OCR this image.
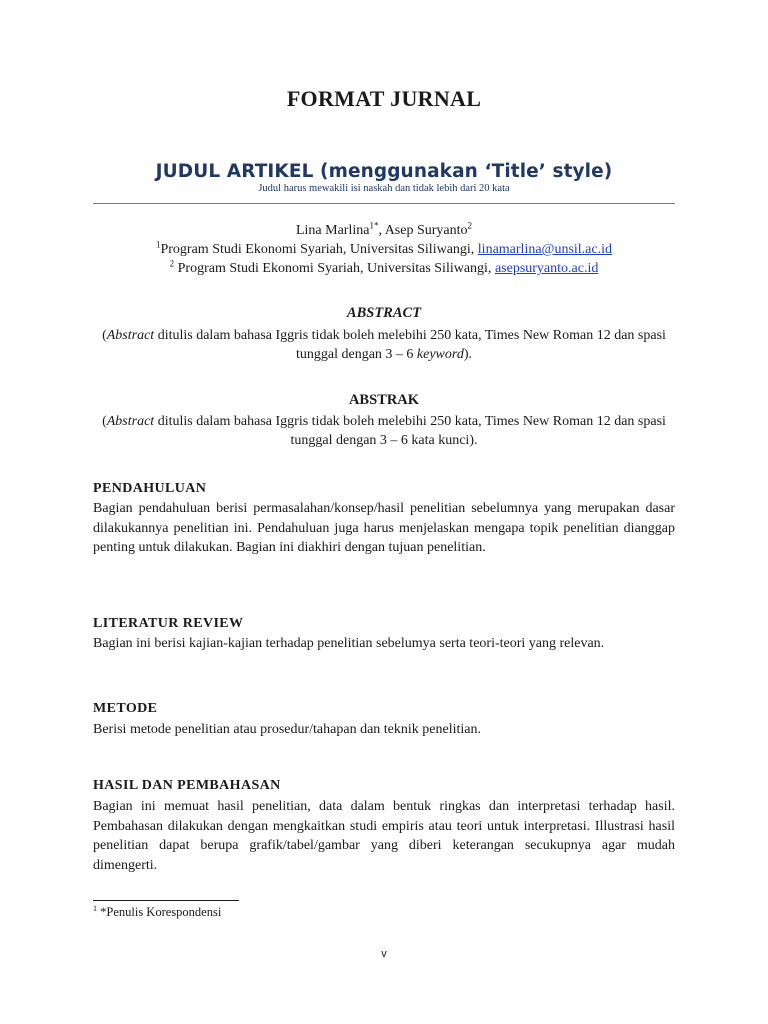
FORMAT JURNAL
JUDUL ARTIKEL (menggunakan ‘Title’ style)
Judul harus mewakili isi naskah dan tidak lebih dari 20 kata
Lina Marlina$^{1*}$, Asep Suryanto$^2$
$^1$Program Studi Ekonomi Syariah, Universitas Siliwangi, linamarlina@unsil.ac.id
$^2$ Program Studi Ekonomi Syariah, Universitas Siliwangi, asepsuryanto.ac.id
ABSTRACT
(Abstract ditulis dalam bahasa Iggris tidak boleh melebihi 250 kata, Times New Roman 12 dan spasi tunggal dengan 3 – 6 keyword).
ABSTRAK
(Abstract ditulis dalam bahasa Iggris tidak boleh melebihi 250 kata, Times New Roman 12 dan spasi tunggal dengan 3 – 6 kata kunci).
PENDAHULUAN
Bagian pendahuluan berisi permasalahan/konsep/hasil penelitian sebelumnya yang merupakan dasar dilakukannya penelitian ini. Pendahuluan juga harus menjelaskan mengapa topik penelitian dianggap penting untuk dilakukan. Bagian ini diakhiri dengan tujuan penelitian.
LITERATUR REVIEW
Bagian ini berisi kajian-kajian terhadap penelitian sebelumya serta teori-teori yang relevan.
METODE
Berisi metode penelitian atau prosedur/tahapan dan teknik penelitian.
HASIL DAN PEMBAHASAN
Bagian ini memuat hasil penelitian, data dalam bentuk ringkas dan interpretasi terhadap hasil. Pembahasan dilakukan dengan mengkaitkan studi empiris atau teori untuk interpretasi. Illustrasi hasil penelitian dapat berupa grafik/tabel/gambar yang diberi keterangan secukupnya agar mudah dimengerti.
$^1$ *Penulis Korespondensi
v
